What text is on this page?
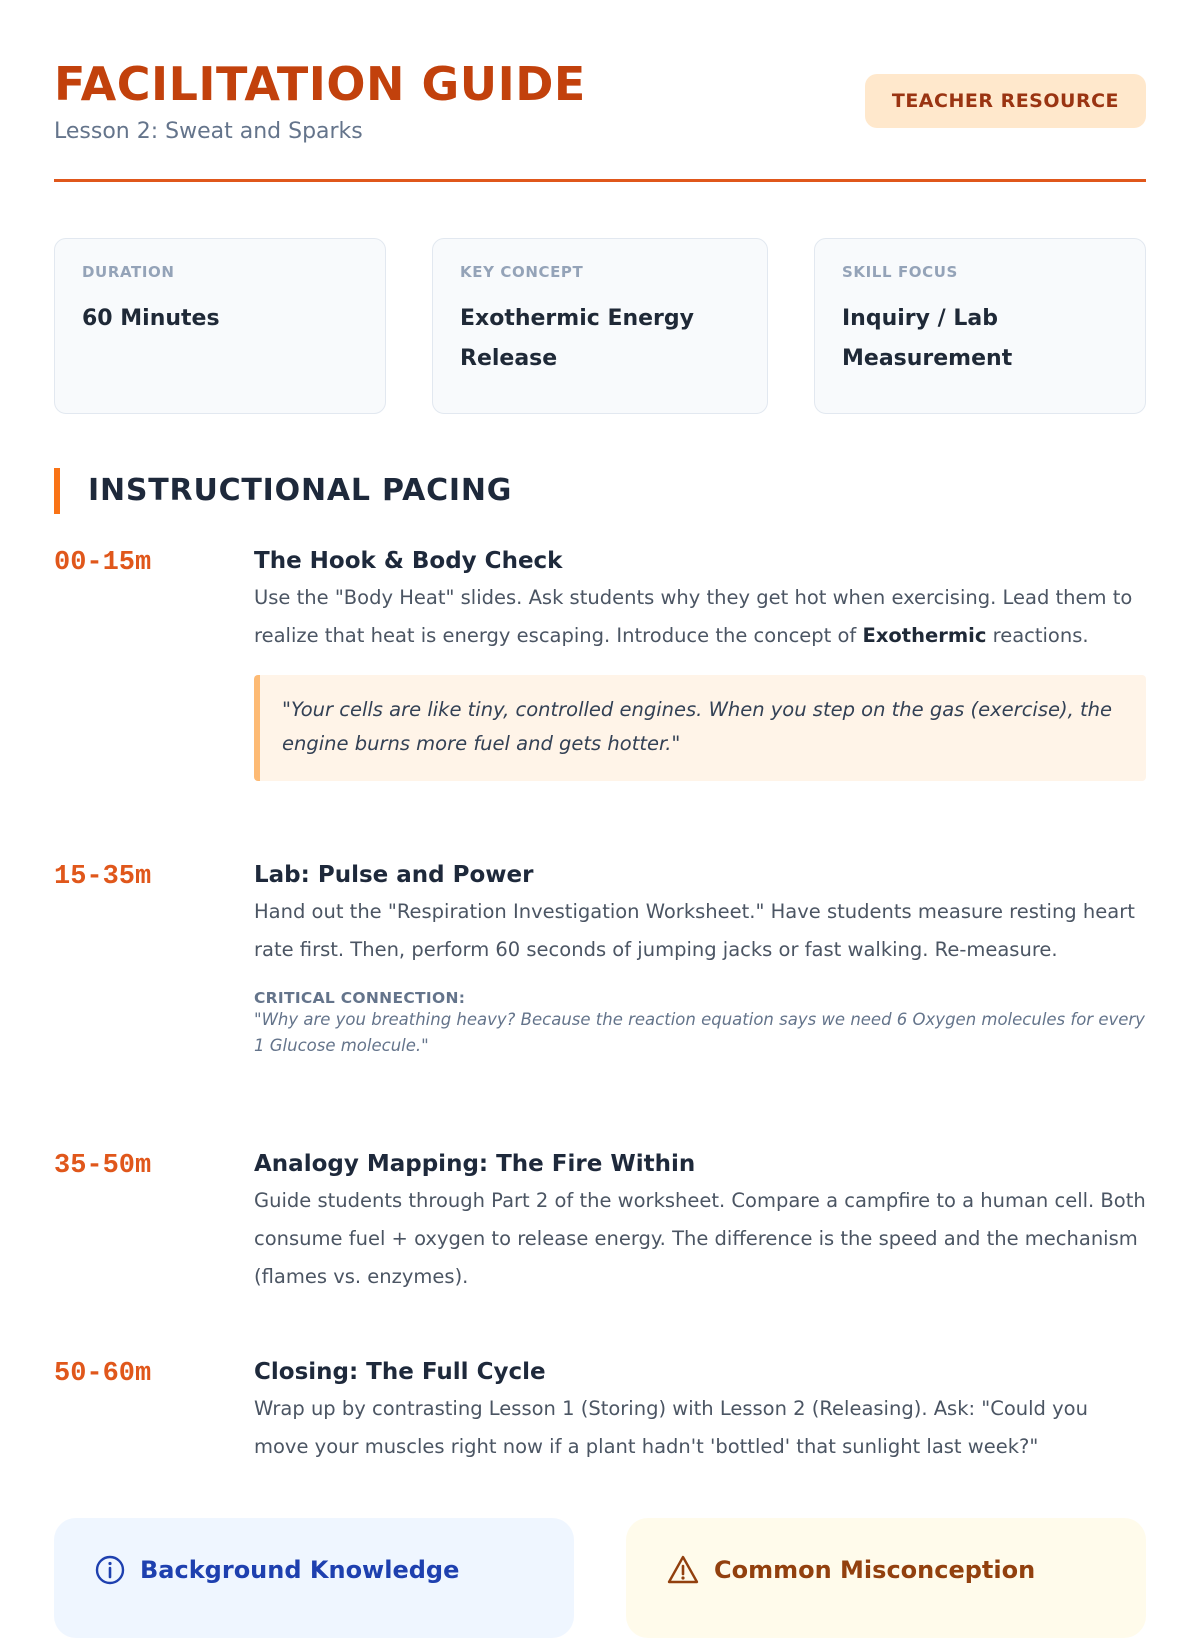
FACILITATION GUIDE
Lesson 2: Sweat and Sparks
TEACHER RESOURCE
DURATION
60 Minutes
KEY CONCEPT
Exothermic Energy Release
SKILL FOCUS
Inquiry / Lab Measurement
INSTRUCTIONAL PACING
00-15m	The Hook & Body Check
Use the "Body Heat" slides. Ask students why they get hot when exercising. Lead them to realize that heat is energy escaping. Introduce the concept of Exothermic reactions.
"Your cells are like tiny, controlled engines. When you step on the gas (exercise), the engine burns more fuel and gets hotter."
15-35m	Lab: Pulse and Power
Hand out the "Respiration Investigation Worksheet." Have students measure resting heart rate first. Then, perform 60 seconds of jumping jacks or fast walking. Re-measure.
CRITICAL CONNECTION:
"Why are you breathing heavy? Because the reaction equation says we need 6 Oxygen molecules for every 1 Glucose molecule."
35-50m	Analogy Mapping: The Fire Within
Guide students through Part 2 of the worksheet. Compare a campfire to a human cell. Both consume fuel + oxygen to release energy. The difference is the speed and the mechanism (flames vs. enzymes).
50-60m	Closing: The Full Cycle
Wrap up by contrasting Lesson 1 (Storing) with Lesson 2 (Releasing). Ask: "Could you move your muscles right now if a plant hadn't 'bottled' that sunlight last week?"
Background Knowledge	Common Misconception
